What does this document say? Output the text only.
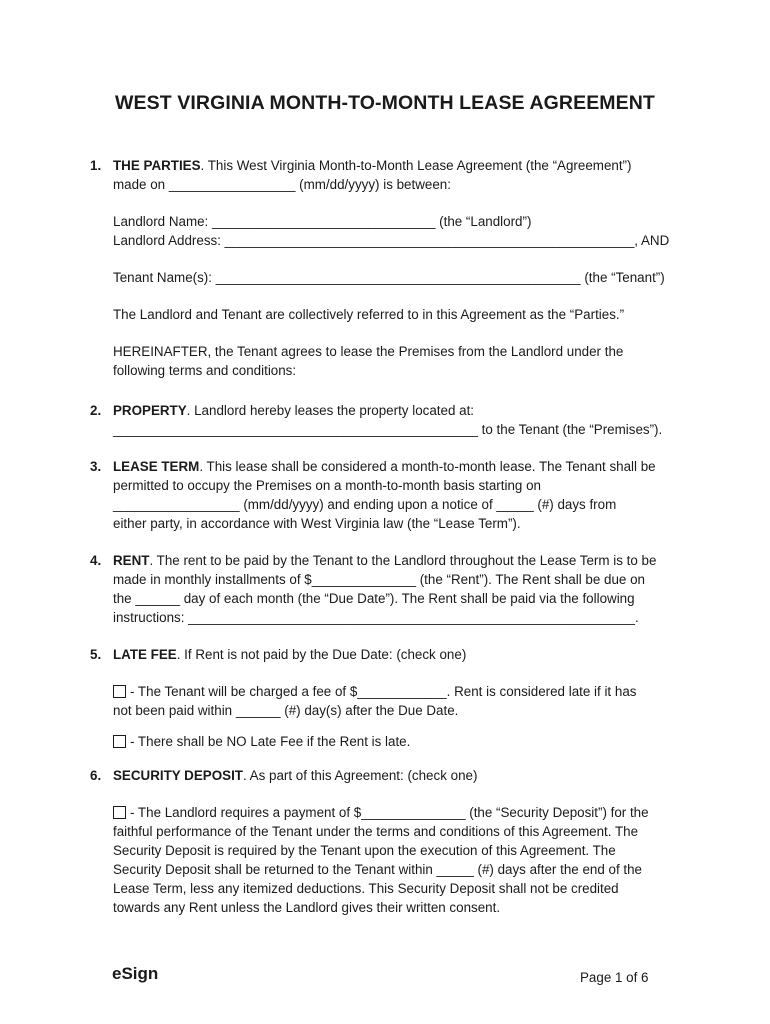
WEST VIRGINIA MONTH-TO-MONTH LEASE AGREEMENT
1. THE PARTIES. This West Virginia Month-to-Month Lease Agreement (the “Agreement”)

made on _________________ (mm/dd/yyyy) is between:

Landlord Name: ______________________________ (the “Landlord”)

Landlord Address: _______________________________________________________, AND

Tenant Name(s): _________________________________________________ (the “Tenant”)

The Landlord and Tenant are collectively referred to in this Agreement as the “Parties.”

HEREINAFTER, the Tenant agrees to lease the Premises from the Landlord under the

following terms and conditions:

2. PROPERTY. Landlord hereby leases the property located at:

_________________________________________________ to the Tenant (the “Premises”).

3. LEASE TERM. This lease shall be considered a month-to-month lease. The Tenant shall be

permitted to occupy the Premises on a month-to-month basis starting on

_________________ (mm/dd/yyyy) and ending upon a notice of _____ (#) days from

either party, in accordance with West Virginia law (the “Lease Term”).

4. RENT. The rent to be paid by the Tenant to the Landlord throughout the Lease Term is to be

made in monthly installments of $______________ (the “Rent”). The Rent shall be due on

the ______ day of each month (the “Due Date”). The Rent shall be paid via the following

instructions: ____________________________________________________________.

5. LATE FEE. If Rent is not paid by the Due Date: (check one)

- The Tenant will be charged a fee of $____________. Rent is considered late if it has

not been paid within ______ (#) day(s) after the Due Date.

- There shall be NO Late Fee if the Rent is late.

6. SECURITY DEPOSIT. As part of this Agreement: (check one)

- The Landlord requires a payment of $______________ (the “Security Deposit”) for the

faithful performance of the Tenant under the terms and conditions of this Agreement. The

Security Deposit is required by the Tenant upon the execution of this Agreement. The

Security Deposit shall be returned to the Tenant within _____ (#) days after the end of the

Lease Term, less any itemized deductions. This Security Deposit shall not be credited

towards any Rent unless the Landlord gives their written consent.

eSign	Page 1 of 6
